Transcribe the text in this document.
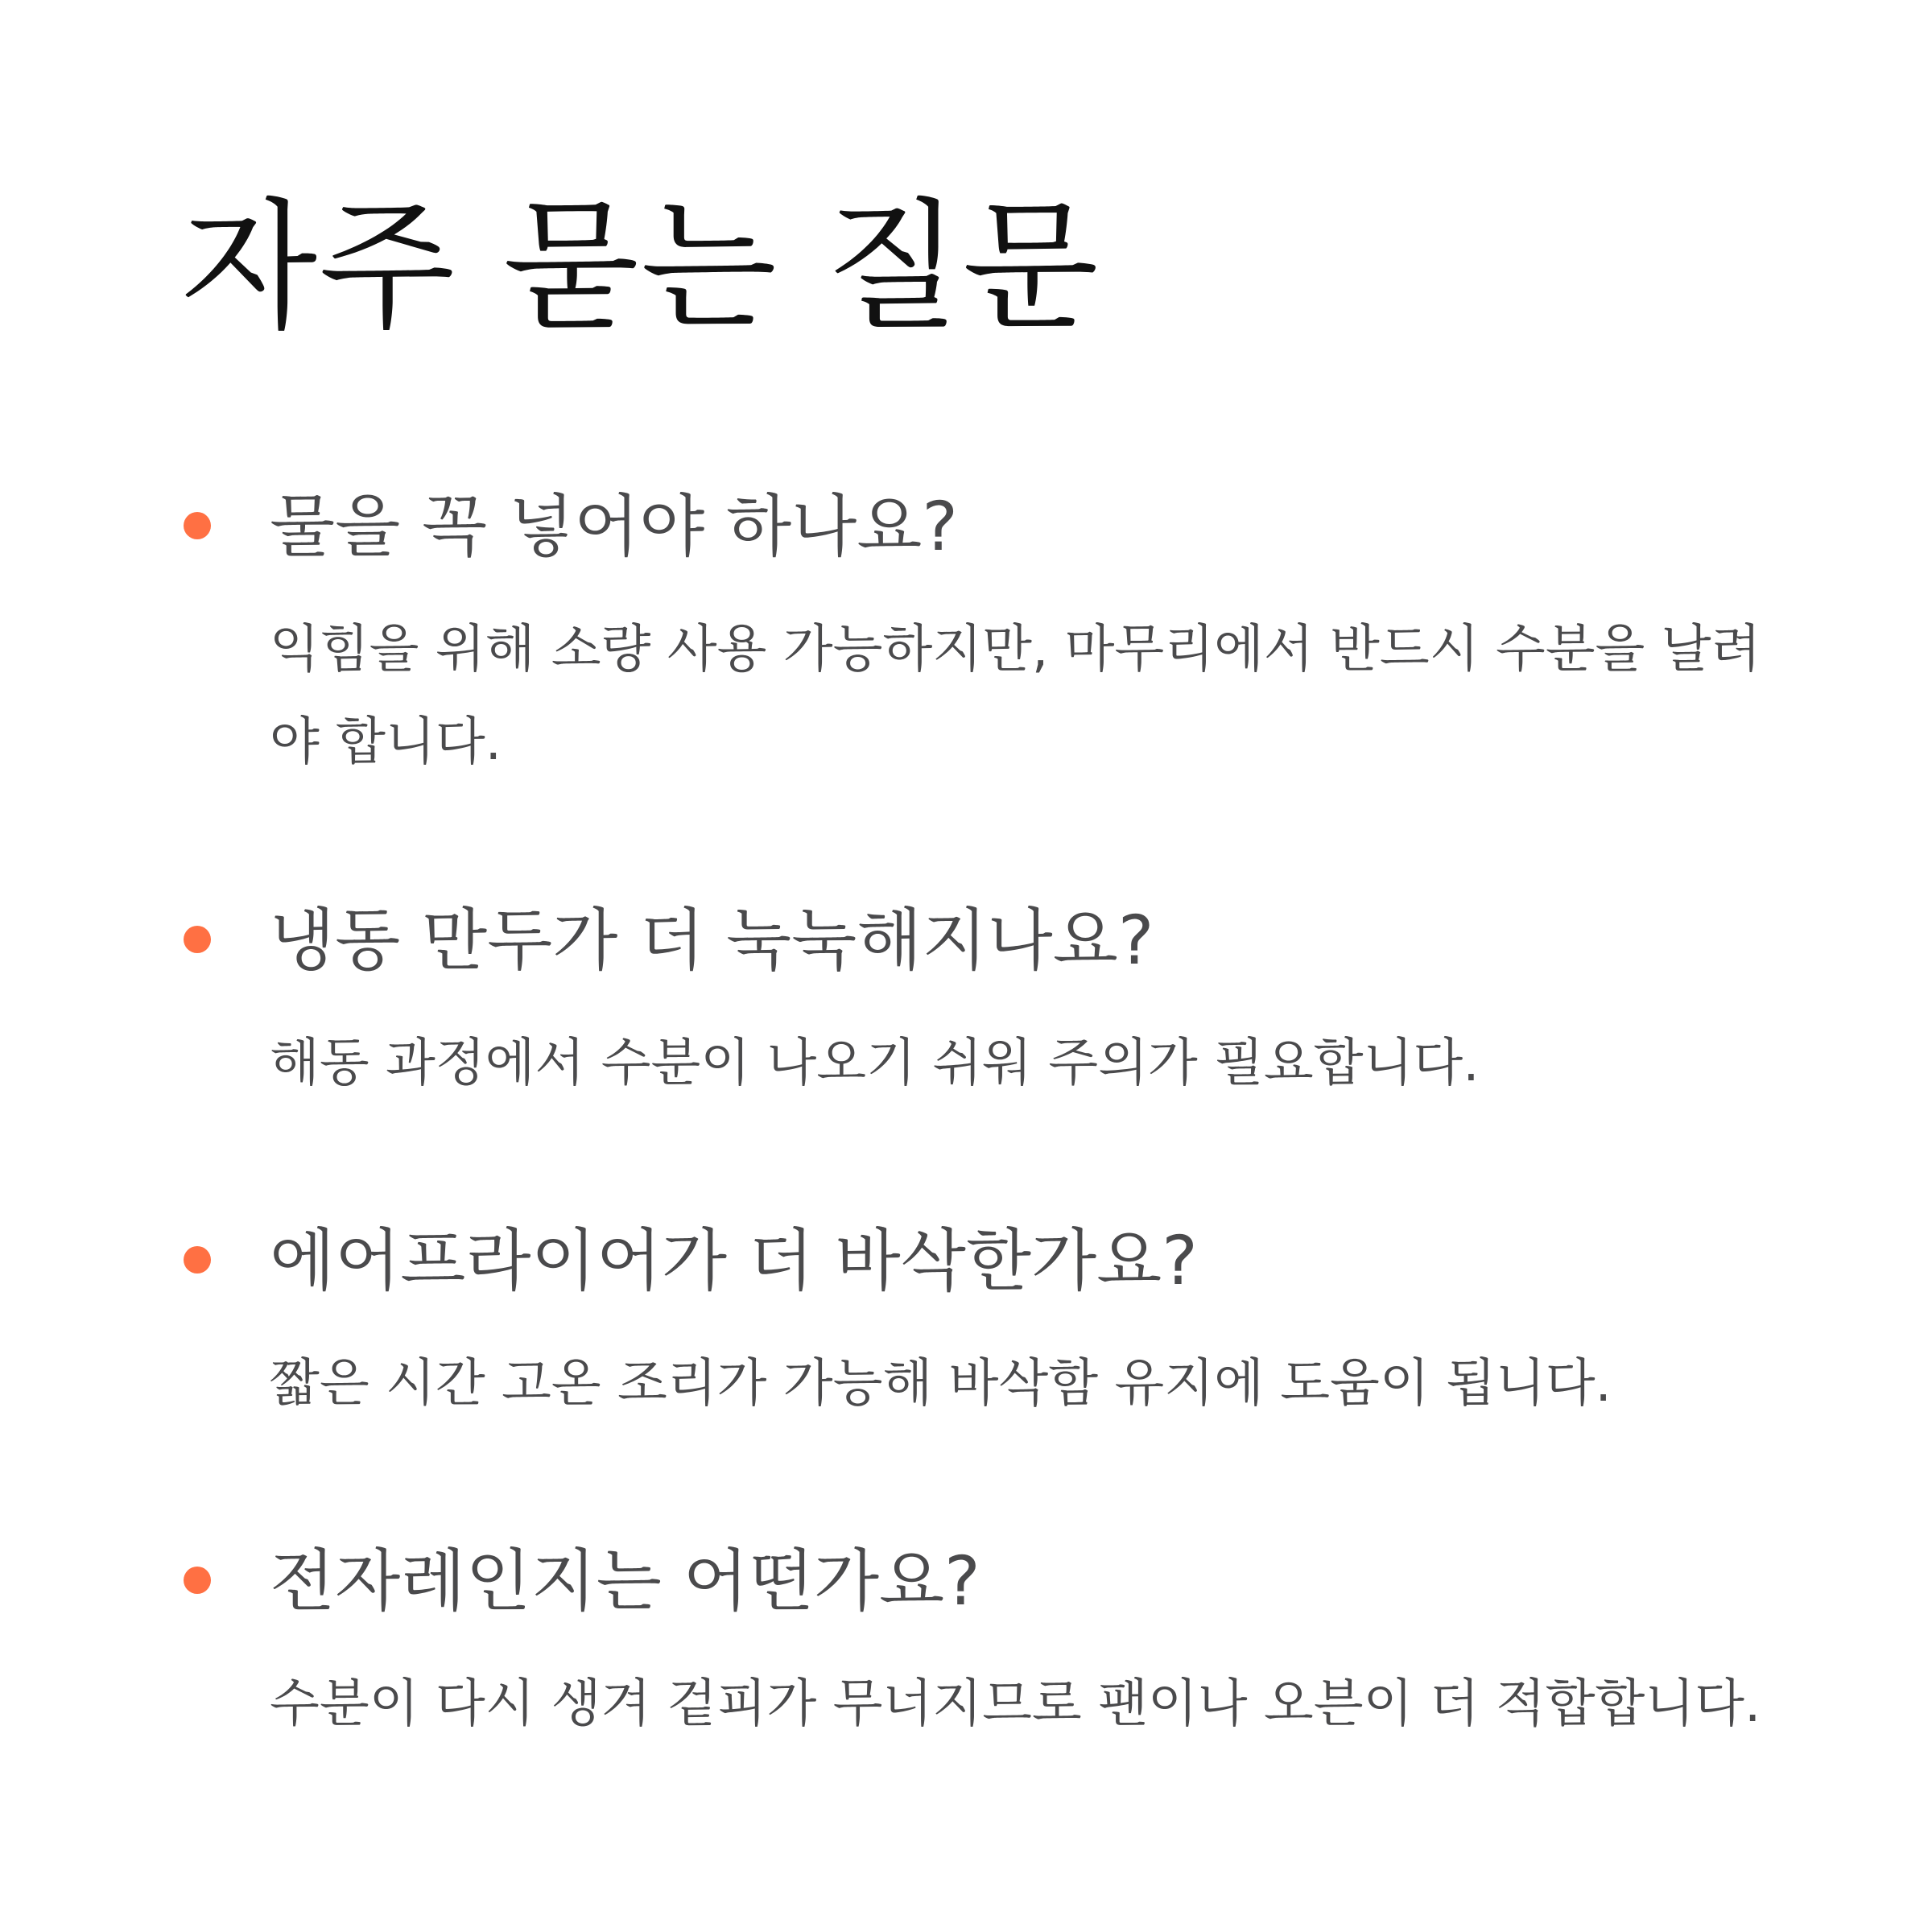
자주 묻는 질문
물을 꼭 넣어야 하나요?

익힘을 위해 소량 사용 가능하지만, 마무리에서 반드시 수분을 날려야 합니다.

냉동 만두가 더 눅눅해지나요?

해동 과정에서 수분이 나오기 쉬워 주의가 필요합니다.

에어프라이어가 더 바삭한가요?

짧은 시간 고온 조리가 가능해 바삭함 유지에 도움이 됩니다.

전자레인지는 어떤가요?

수분이 다시 생겨 겉피가 무너지므로 팬이나 오븐이 더 적합합니다.
